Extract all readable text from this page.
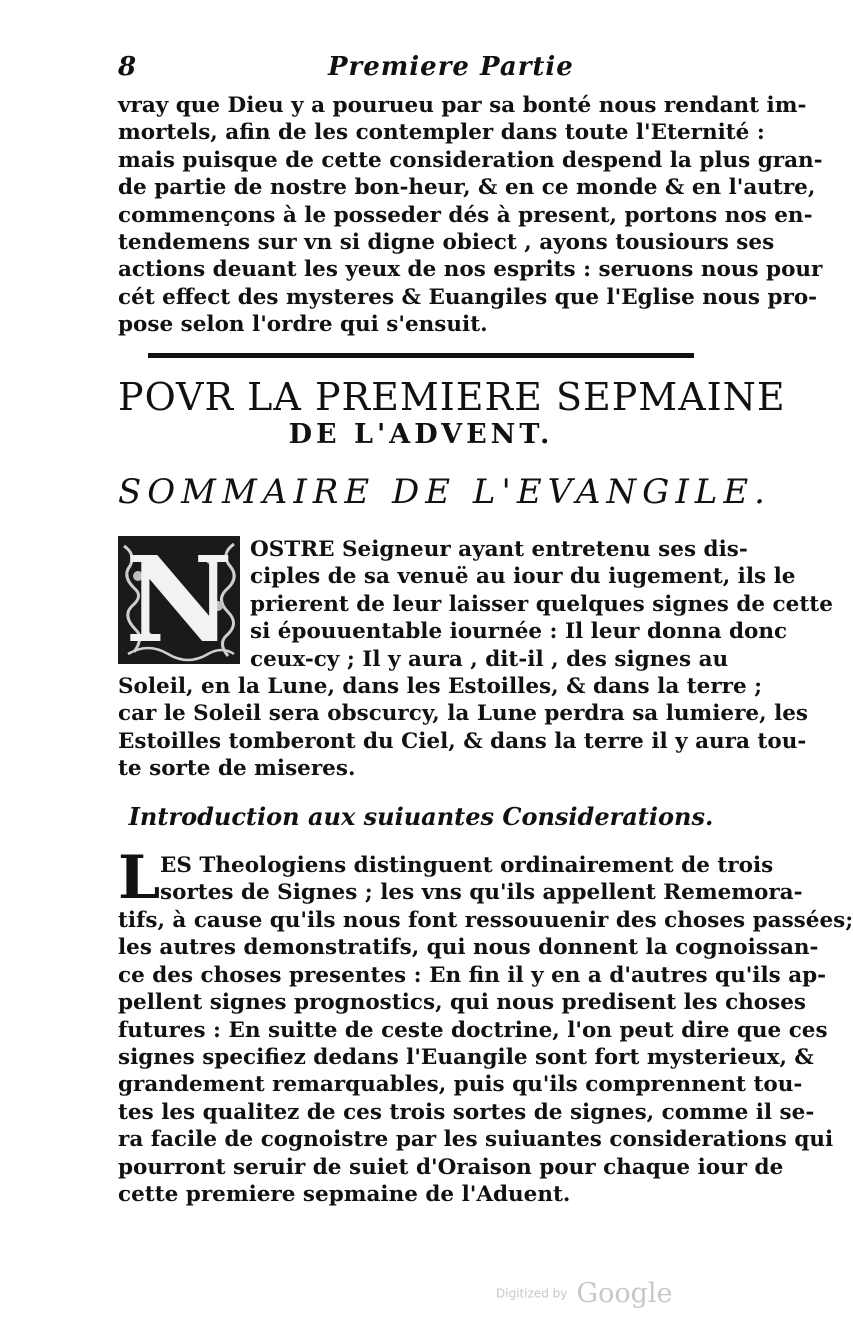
8	Premiere Partie
vray que Dieu y a pourueu par sa bonté nous rendant im-
mortels, afin de les contempler dans toute l'Eternité :
mais puisque de cette consideration despend la plus gran-
de partie de nostre bon-heur, & en ce monde & en l'autre,
commençons à le posseder dés à present, portons nos en-
tendemens sur vn si digne obiect , ayons tousiours ses
actions deuant les yeux de nos esprits : seruons nous pour
cét effect des mysteres & Euangiles que l'Eglise nous pro-
pose selon l'ordre qui s'ensuit.
POVR LA PREMIERE SEPMAINE
DE L'ADVENT.
SOMMAIRE DE L'EVANGILE.
N OSTRE Seigneur ayant entretenu ses dis-
ciples de sa venuë au iour du iugement, ils le
prierent de leur laisser quelques signes de cette
si épouuentable iournée : Il leur donna donc
ceux-cy ; Il y aura , dit-il , des signes au
Soleil, en la Lune, dans les Estoilles, & dans la terre ;
car le Soleil sera obscurcy, la Lune perdra sa lumiere, les
Estoilles tomberont du Ciel, & dans la terre il y aura tou-
te sorte de miseres.
Introduction aux suiuantes Considerations.
L ES Theologiens distinguent ordinairement de trois
sortes de Signes ; les vns qu'ils appellent Rememora-
tifs, à cause qu'ils nous font ressouuenir des choses passées;
les autres demonstratifs, qui nous donnent la cognoissan-
ce des choses presentes : En fin il y en a d'autres qu'ils ap-
pellent signes prognostics, qui nous predisent les choses
futures : En suitte de ceste doctrine, l'on peut dire que ces
signes specifiez dedans l'Euangile sont fort mysterieux, &
grandement remarquables, puis qu'ils comprennent tou-
tes les qualitez de ces trois sortes de signes, comme il se-
ra facile de cognoistre par les suiuantes considerations qui
pourront seruir de suiet d'Oraison pour chaque iour de
cette premiere sepmaine de l'Aduent.
Digitized by Google
